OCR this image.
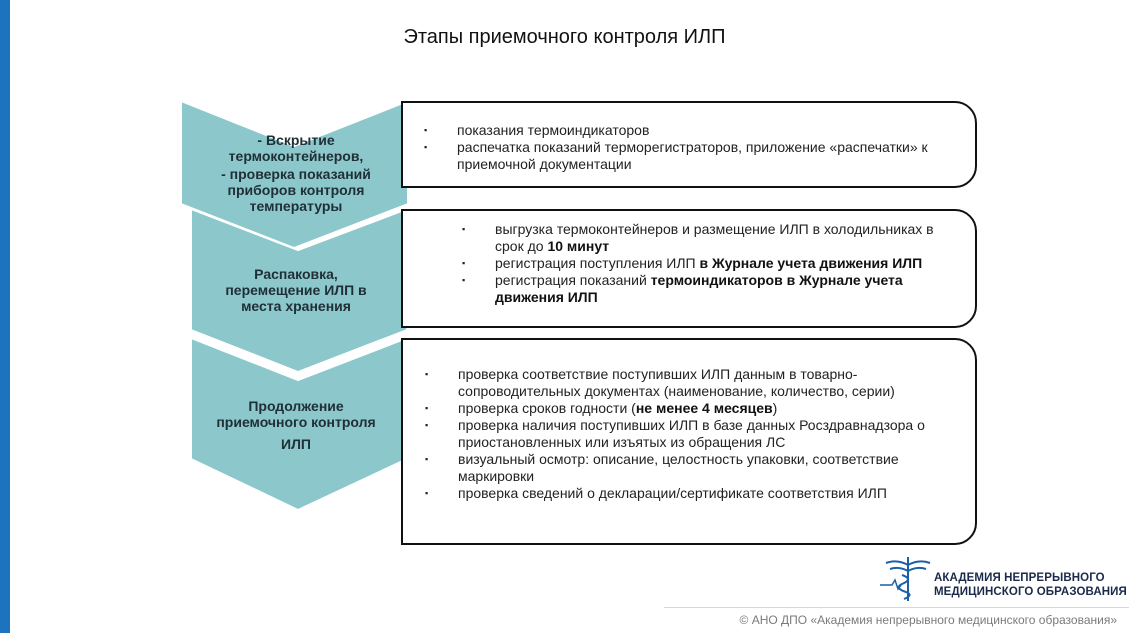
Этапы приемочного контроля ИЛП
- Вскрытие
термоконтейнеров,
- проверка показаний
приборов контроля
температуры
Распаковка,
перемещение ИЛП в
места хранения
Продолжение
приемочного контроля
ИЛП
▪ показания термоиндикаторов
▪ распечатка показаний терморегистраторов, приложение «распечатки» к приемочной документации
▪ выгрузка термоконтейнеров и размещение ИЛП в холодильниках в срок до 10 минут
▪ регистрация поступления ИЛП в Журнале учета движения ИЛП
▪ регистрация показаний термоиндикаторов в Журнале учета движения ИЛП
▪ проверка соответствие поступивших ИЛП данным в товарно-сопроводительных документах (наименование, количество, серии)
▪ проверка сроков годности (не менее 4 месяцев)
▪ проверка наличия поступивших ИЛП в базе данных Росздравнадзора о приостановленных или изъятых из обращения ЛС
▪ визуальный осмотр: описание, целостность упаковки, соответствие маркировки
▪ проверка сведений о декларации/сертификате соответствия ИЛП
АКАДЕМИЯ НЕПРЕРЫВНОГО
МЕДИЦИНСКОГО ОБРАЗОВАНИЯ
© АНО ДПО «Академия непрерывного медицинского образования»
